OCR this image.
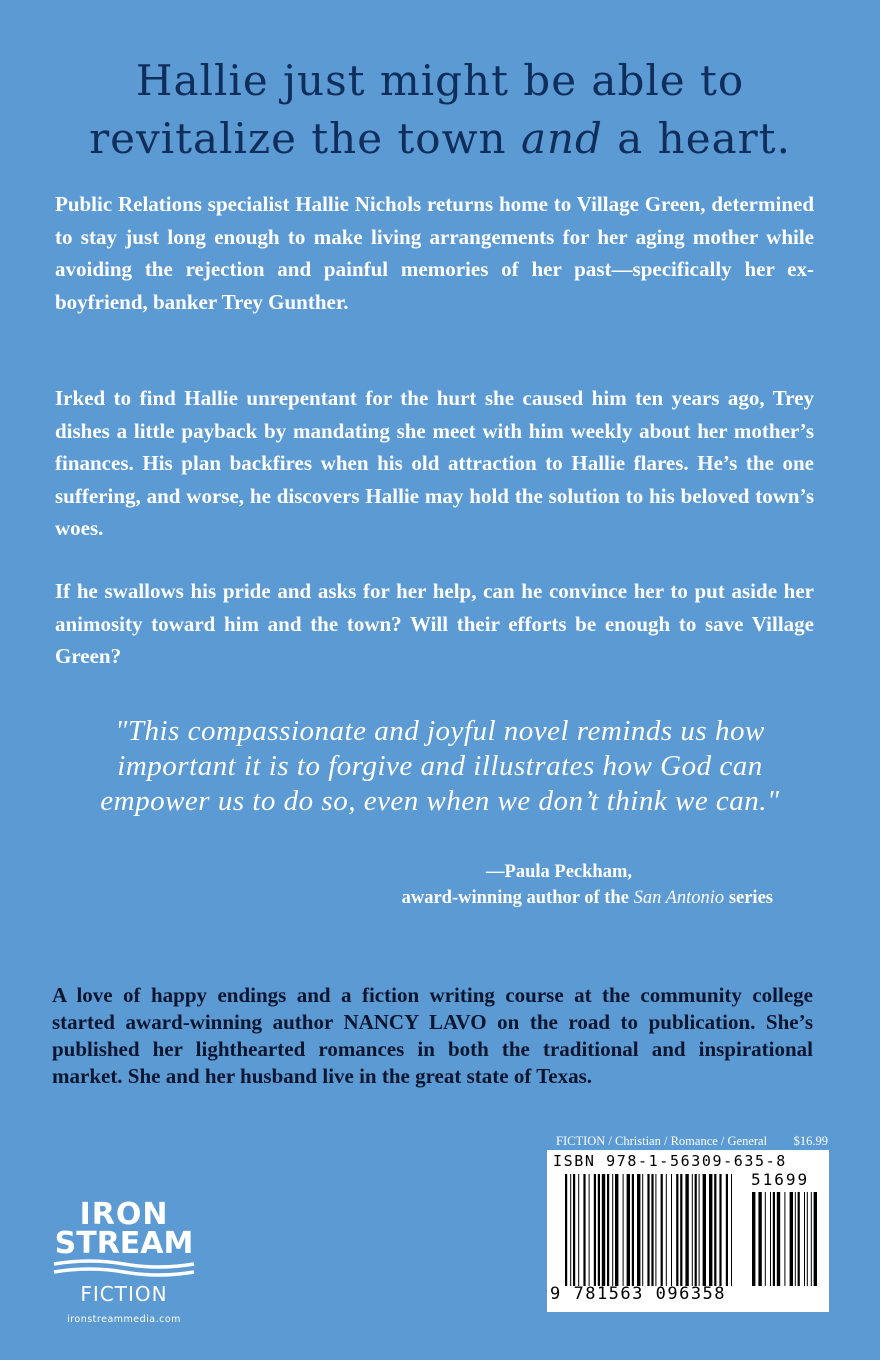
Hallie just might be able to
revitalize the town and a heart.

Public Relations specialist Hallie Nichols returns home to Village Green, determined to stay just long enough to make living arrangements for her aging mother while avoiding the rejection and painful memories of her past—specifically her ex-boyfriend, banker Trey Gunther.

Irked to find Hallie unrepentant for the hurt she caused him ten years ago, Trey dishes a little payback by mandating she meet with him weekly about her mother’s finances. His plan backfires when his old attraction to Hallie flares. He’s the one suffering, and worse, he discovers Hallie may hold the solution to his beloved town’s woes.

If he swallows his pride and asks for her help, can he convince her to put aside her animosity toward him and the town? Will their efforts be enough to save Village Green?

"This compassionate and joyful novel reminds us how important it is to forgive and illustrates how God can empower us to do so, even when we don’t think we can."

—Paula Peckham,

award-winning author of the San Antonio series

A love of happy endings and a fiction writing course at the community college started award-winning author NANCY LAVO on the road to publication. She’s published her lighthearted romances in both the traditional and inspirational market. She and her husband live in the great state of Texas.

FICTION / Christian / Romance / General $16.99
ISBN 978-1-56309-635-8
51699
9 781563 096358
IRON
STREAM
FICTION
ironstreammedia.com
